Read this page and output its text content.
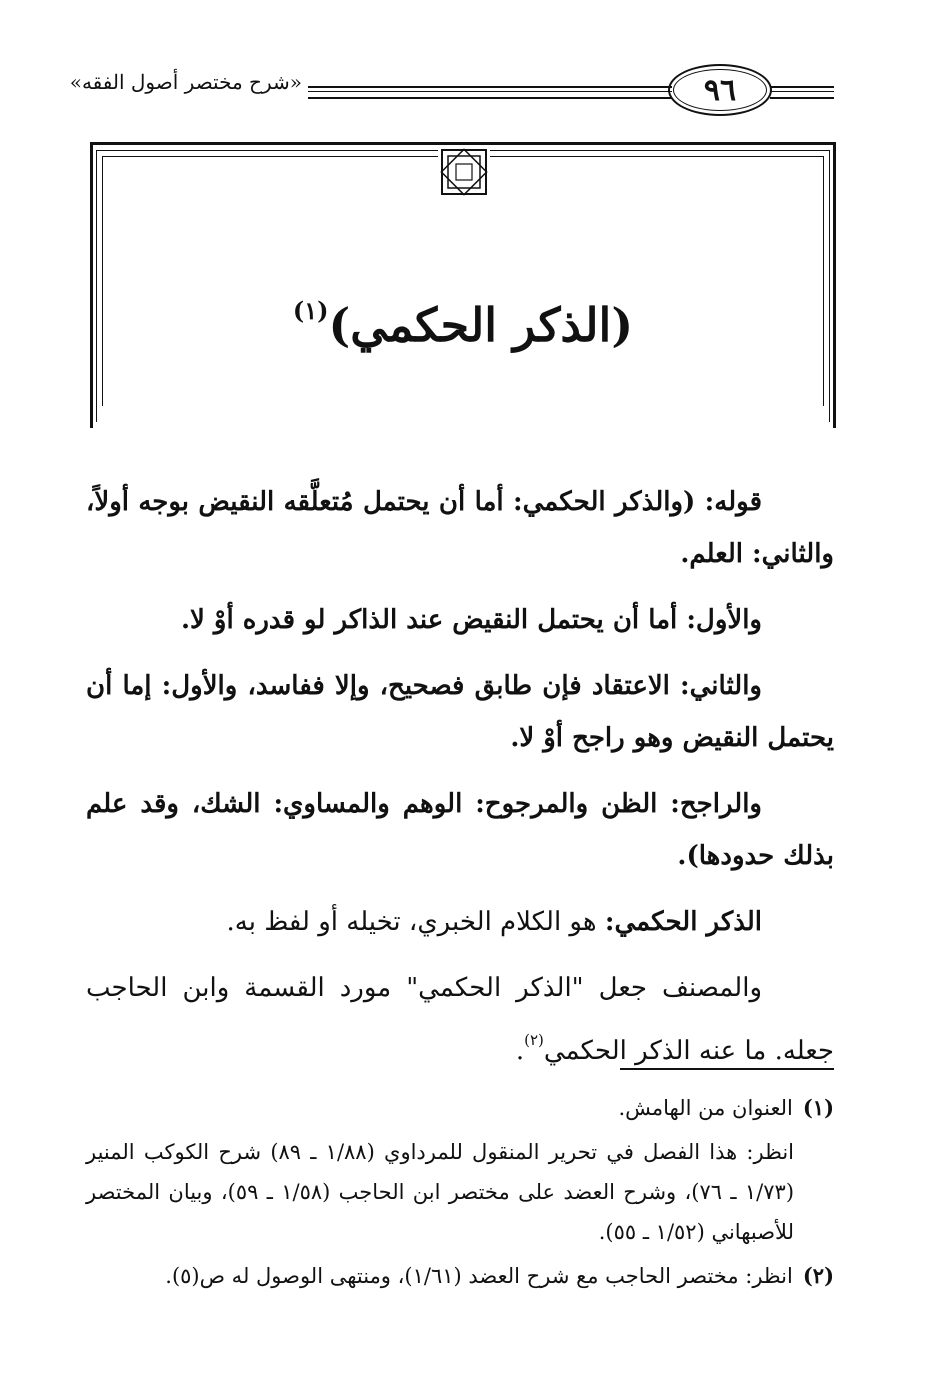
٩٦
«شرح مختصر أصول الفقه»
(الذكر الحكمي)$^{(١)}$

قوله: (والذكر الحكمي: أما أن يحتمل مُتعلَّقه النقيض بوجه أولاً، والثاني: العلم.

والأول: أما أن يحتمل النقيض عند الذاكر لو قدره أوْ لا.

والثاني: الاعتقاد فإن طابق فصحيح، وإلا ففاسد، والأول: إما أن يحتمل النقيض وهو راجح أوْ لا.

والراجح: الظن والمرجوح: الوهم والمساوي: الشك، وقد علم بذلك حدودها).

الذكر الحكمي: هو الكلام الخبري، تخيله أو لفظ به.

والمصنف جعل "الذكر الحكمي" مورد القسمة وابن الحاجب جعله. ما عنه الذكر الحكمي$^{(٢)}$.

(١)العنوان من الهامش.

انظر: هذا الفصل في تحرير المنقول للمرداوي (١/٨٨ ـ ٨٩) شرح الكوكب المنير (١/٧٣ ـ ٧٦)، وشرح العضد على مختصر ابن الحاجب (١/٥٨ ـ ٥٩)، وبيان المختصر للأصبهاني (١/٥٢ ـ ٥٥).

(٢)انظر: مختصر الحاجب مع شرح العضد (١/٦١)، ومنتهى الوصول له ص(٥).
